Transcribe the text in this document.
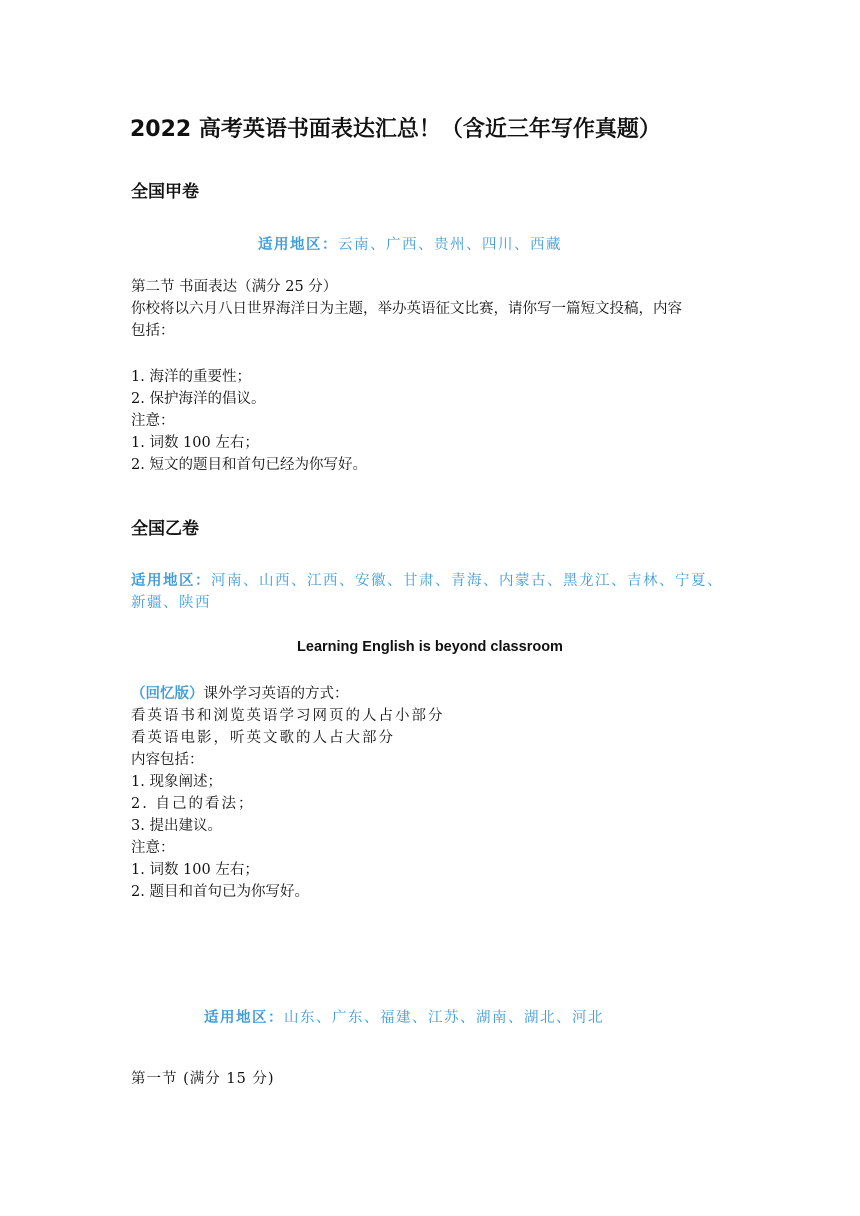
2022 高考英语书面表达汇总！（含近三年写作真题）
全国甲卷
适用地区：云南、广西、贵州、四川、西藏
第二节 书面表达（满分 25 分）
你校将以六月八日世界海洋日为主题，举办英语征文比赛，请你写一篇短文投稿，内容
包括：
1. 海洋的重要性；
2. 保护海洋的倡议。
注意：
1. 词数 100 左右；
2. 短文的题目和首句已经为你写好。
全国乙卷
适用地区：河南、山西、江西、安徽、甘肃、青海、内蒙古、黑龙江、吉林、宁夏、新疆、陕西
Learning English is beyond classroom
（回忆版）课外学习英语的方式：
看英语书和浏览英语学习网页的人占小部分
看英语电影，听英文歌的人占大部分
内容包括：
1. 现象阐述；
2. 自己的看法；
3. 提出建议。
注意：
1. 词数 100 左右；
2. 题目和首句已为你写好。
适用地区：山东、广东、福建、江苏、湖南、湖北、河北
第一节 (满分 15 分)
